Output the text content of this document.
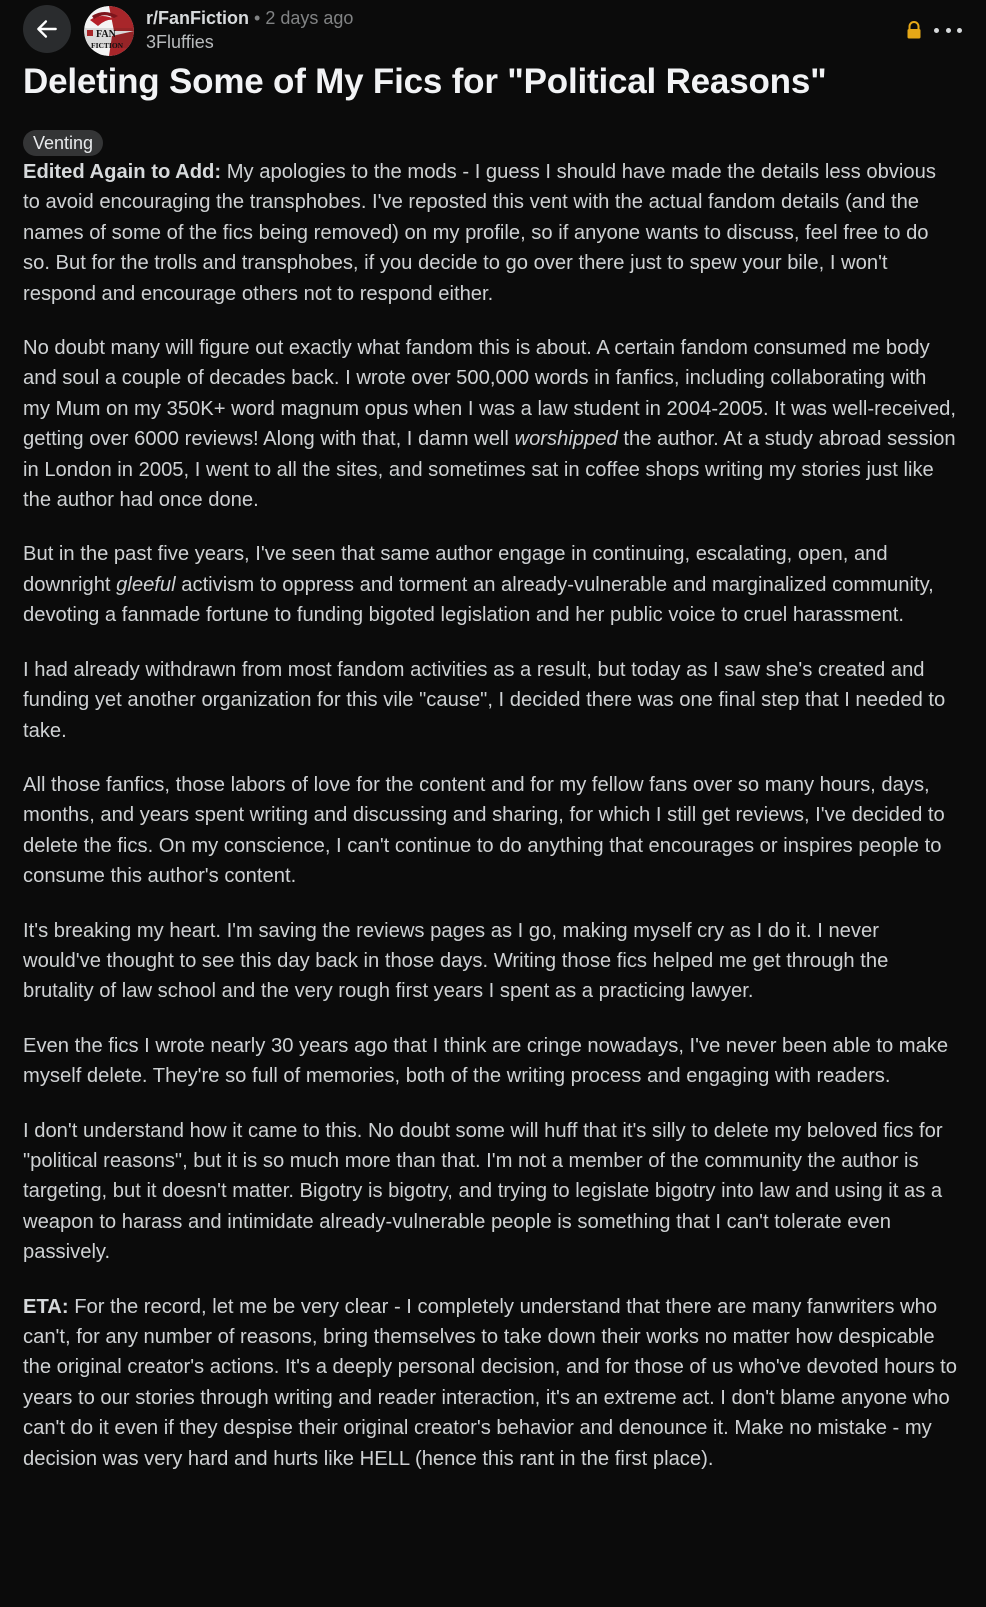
FAN
FICTION
r/FanFiction • 2 days ago
3Fluffies
Deleting Some of My Fics for "Political Reasons"
Venting

Edited Again to Add: My apologies to the mods - I guess I should have made the details less obvious to avoid encouraging the transphobes. I've reposted this vent with the actual fandom details (and the names of some of the fics being removed) on my profile, so if anyone wants to discuss, feel free to do so. But for the trolls and transphobes, if you decide to go over there just to spew your bile, I won't respond and encourage others not to respond either.

No doubt many will figure out exactly what fandom this is about. A certain fandom consumed me body and soul a couple of decades back. I wrote over 500,000 words in fanfics, including collaborating with my Mum on my 350K+ word magnum opus when I was a law student in 2004-2005. It was well-received, getting over 6000 reviews! Along with that, I damn well worshipped the author. At a study abroad session in London in 2005, I went to all the sites, and sometimes sat in coffee shops writing my stories just like the author had once done.

But in the past five years, I've seen that same author engage in continuing, escalating, open, and downright gleeful activism to oppress and torment an already-vulnerable and marginalized community, devoting a fanmade fortune to funding bigoted legislation and her public voice to cruel harassment.

I had already withdrawn from most fandom activities as a result, but today as I saw she's created and funding yet another organization for this vile "cause", I decided there was one final step that I needed to take.

All those fanfics, those labors of love for the content and for my fellow fans over so many hours, days, months, and years spent writing and discussing and sharing, for which I still get reviews, I've decided to delete the fics. On my conscience, I can't continue to do anything that encourages or inspires people to consume this author's content.

It's breaking my heart. I'm saving the reviews pages as I go, making myself cry as I do it. I never would've thought to see this day back in those days. Writing those fics helped me get through the brutality of law school and the very rough first years I spent as a practicing lawyer.

Even the fics I wrote nearly 30 years ago that I think are cringe nowadays, I've never been able to make myself delete. They're so full of memories, both of the writing process and engaging with readers.

I don't understand how it came to this. No doubt some will huff that it's silly to delete my beloved fics for "political reasons", but it is so much more than that. I'm not a member of the community the author is targeting, but it doesn't matter. Bigotry is bigotry, and trying to legislate bigotry into law and using it as a weapon to harass and intimidate already-vulnerable people is something that I can't tolerate even passively.

ETA: For the record, let me be very clear - I completely understand that there are many fanwriters who can't, for any number of reasons, bring themselves to take down their works no matter how despicable the original creator's actions. It's a deeply personal decision, and for those of us who've devoted hours to years to our stories through writing and reader interaction, it's an extreme act. I don't blame anyone who can't do it even if they despise their original creator's behavior and denounce it. Make no mistake - my decision was very hard and hurts like HELL (hence this rant in the first place).
